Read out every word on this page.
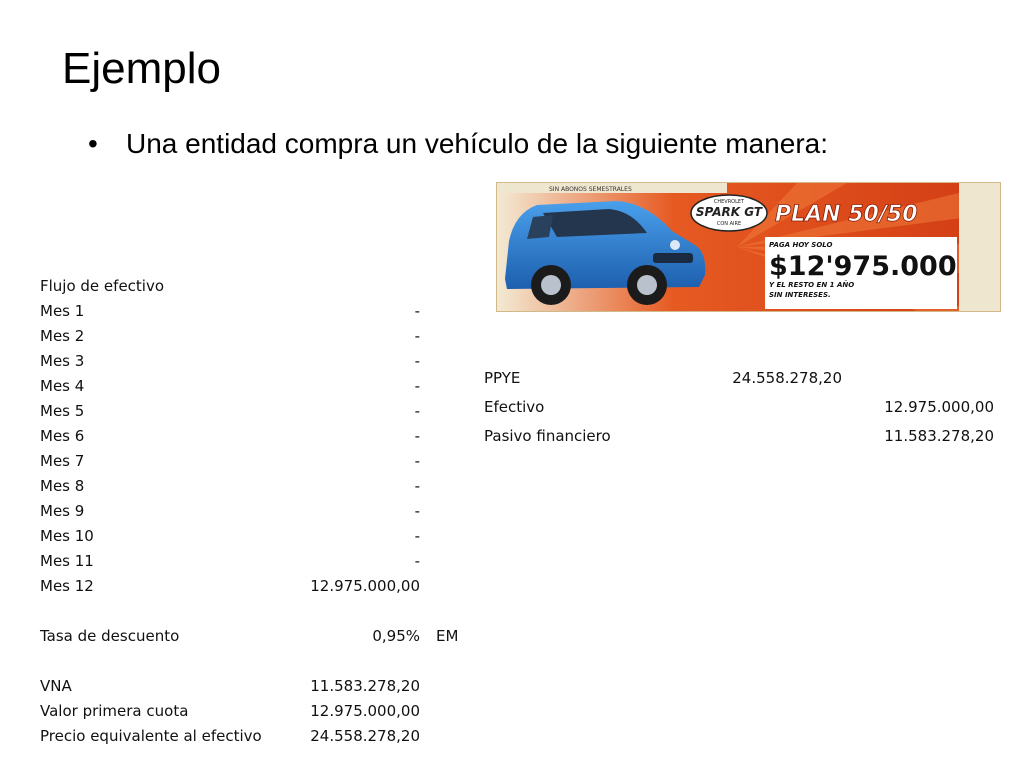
Ejemplo
•	Una entidad compra un vehículo de la siguiente manera:
SIN ABONOS SEMESTRALES
CHEVROLET
SPARK GT
CON AIRE PLAN 50/50
PAGA HOY SOLO
$12'975.000
Y EL RESTO EN 1 AÑO
SIN INTERESES.
Flujo de efectivo
Mes 1	-
Mes 2	-
Mes 3	-
Mes 4	-
Mes 5	-
Mes 6	-
Mes 7	-
Mes 8	-
Mes 9	-
Mes 10	-
Mes 11	-
Mes 12	12.975.000,00
Tasa de descuento	0,95% EM
VNA	11.583.278,20
Valor primera cuota	12.975.000,00
Precio equivalente al efectivo	24.558.278,20
PPYE	24.558.278,20
Efectivo	12.975.000,00
Pasivo financiero	11.583.278,20
